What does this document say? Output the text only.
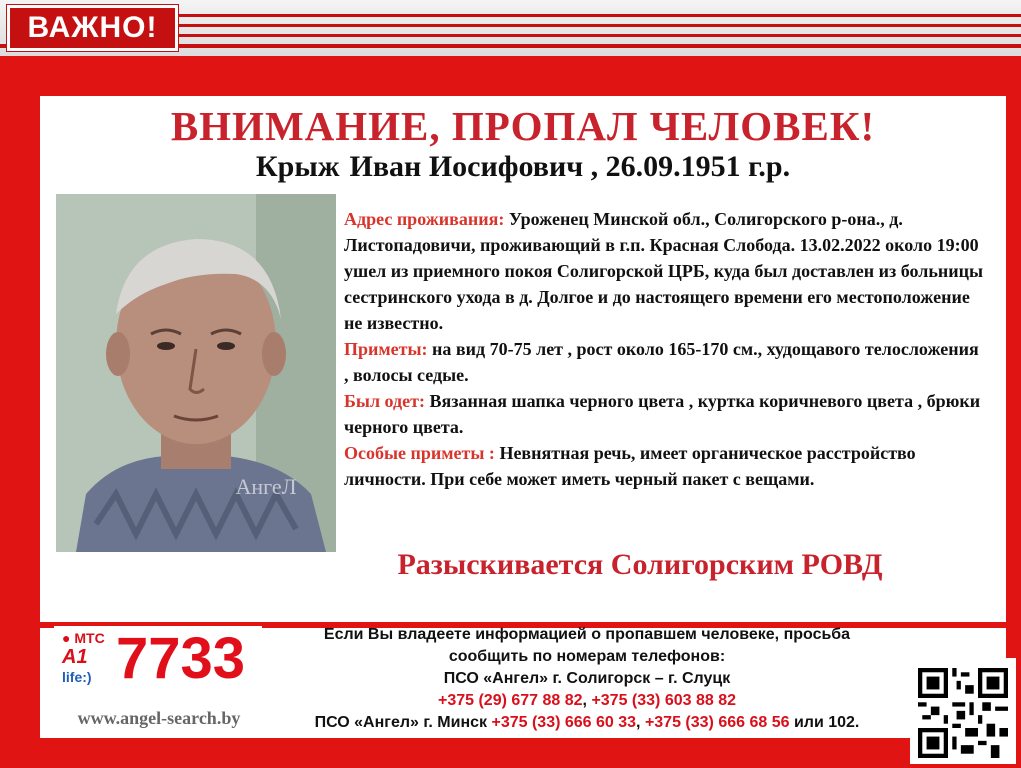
ВАЖНО!
ВНИМАНИЕ, ПРОПАЛ ЧЕЛОВЕК!
Крыж Иван Иосифович , 26.09.1951 г.р.
АнгеЛ

Адрес проживания: Уроженец Минской обл., Солигорского р-она., д. Листопадовичи, проживающий в г.п. Красная Слобода. 13.02.2022 около 19:00 ушел из приемного покоя Солигорской ЦРБ, куда был доставлен из больницы сестринского ухода в д. Долгое и до настоящего времени его местоположение не известно.

Приметы: на вид 70-75 лет , рост около 165-170 см., худощавого телосложения , волосы седые.

Был одет: Вязанная шапка черного цвета , куртка коричневого цвета , брюки черного цвета.

Особые приметы : Невнятная речь, имеет органическое расстройство личности. При себе может иметь черный пакет с вещами.

Разыскивается Солигорским РОВД
● МТС
A1
life:) 7733
www.angel-search.by

Если Вы владеете информацией о пропавшем человеке, просьба

сообщить по номерам телефонов:

ПСО «Ангел» г. Солигорск – г. Слуцк

+375 (29) 677 88 82, +375 (33) 603 88 82

ПСО «Ангел» г. Минск +375 (33) 666 60 33, +375 (33) 666 68 56 или 102.
